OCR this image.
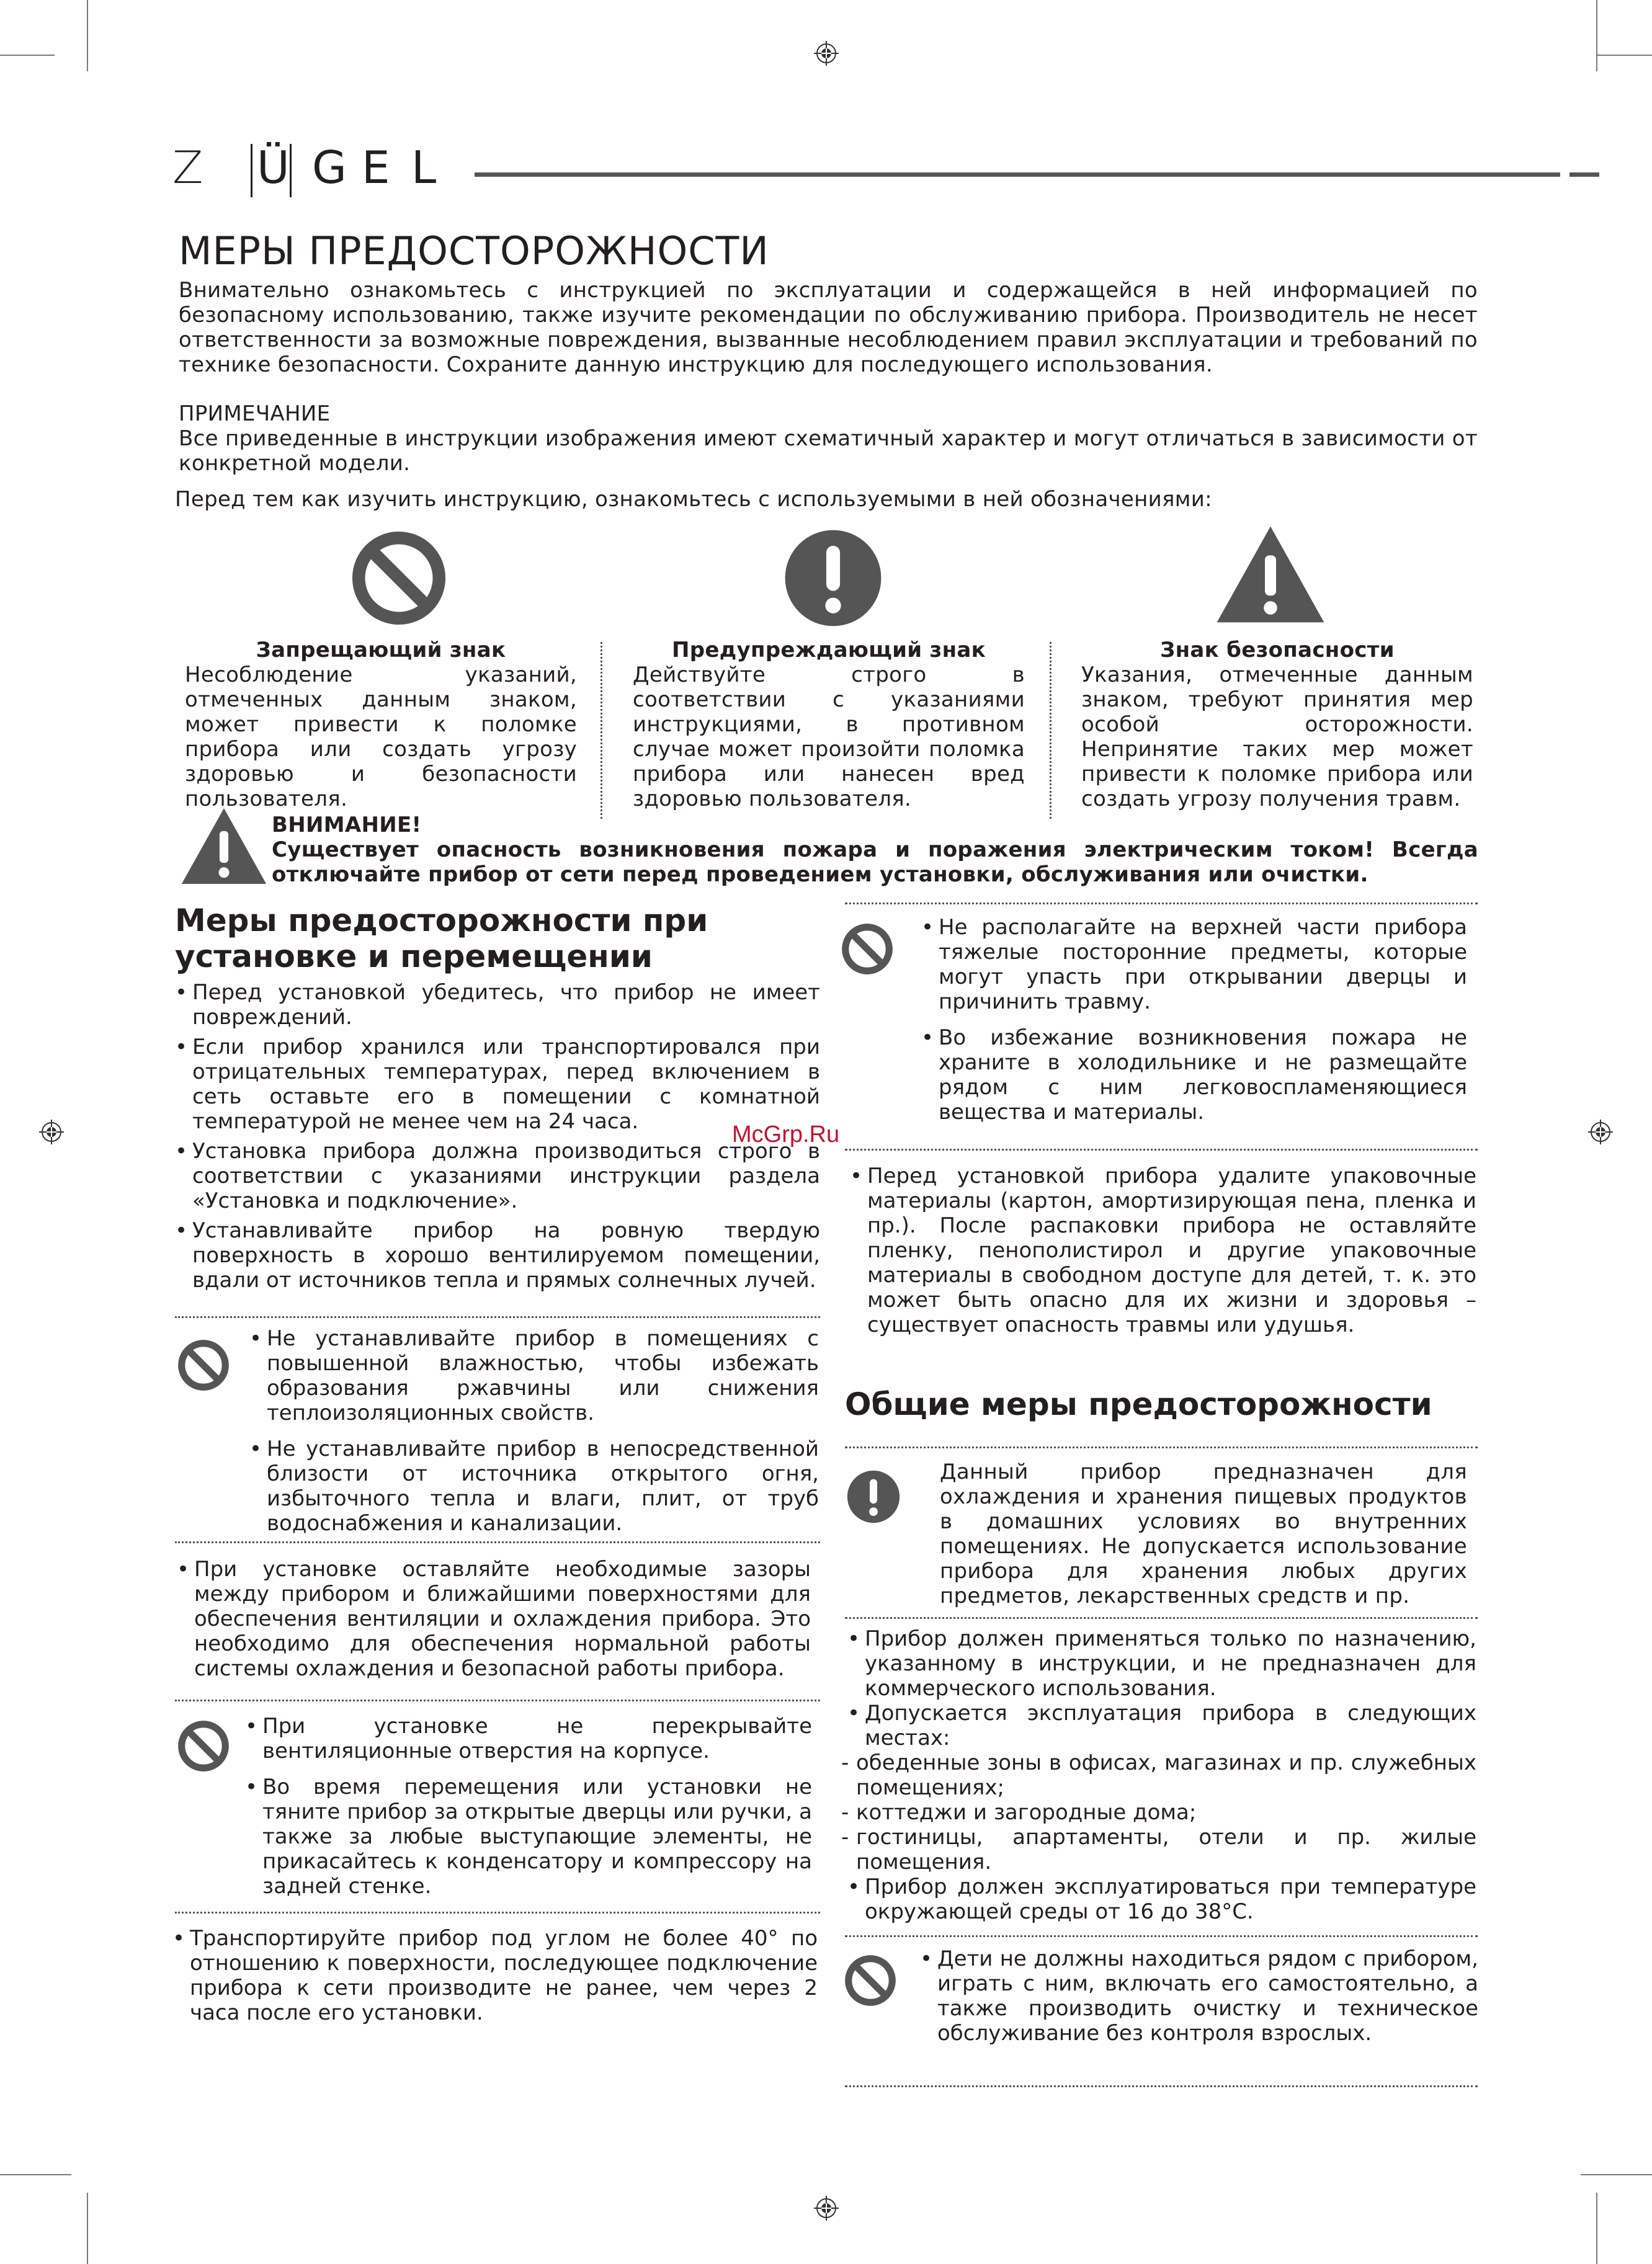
Z Ü G E L
МЕРЫ ПРЕДОСТОРОЖНОСТИ
Внимательно ознакомьтесь с инструкцией по эксплуатации и содержащейся в ней информацией по безопасному использованию, также изучите рекомендации по обслуживанию прибора. Производитель не несет ответственности за возможные повреждения, вызванные несоблюдением правил эксплуатации и требований по технике безопасности. Сохраните данную инструкцию для последующего использования.
ПРИМЕЧАНИЕ
Все приведенные в инструкции изображения имеют схематичный характер и могут отличаться в зависимости от конкретной модели.
Перед тем как изучить инструкцию, ознакомьтесь с используемыми в ней обозначениями:
Запрещающий знак
Несоблюдение указаний, отмеченных данным знаком, может привести к поломке прибора или создать угрозу здоровью и безопасности пользователя.
Предупреждающий знак
Действуйте строго в соответствии с указаниями инструкциями, в противном случае может произойти поломка прибора или нанесен вред здоровью пользователя.
Знак безопасности
Указания, отмеченные данным знаком, требуют принятия мер особой осторожности. Непринятие таких мер может привести к поломке прибора или создать угрозу получения травм.
ВНИМАНИЕ!
Существует опасность возникновения пожара и поражения электрическим током! Всегда отключайте прибор от сети перед проведением установки, обслуживания или очистки.
Меры предосторожности при установке и перемещении
• Перед установкой убедитесь, что прибор не имеет повреждений.
• Если прибор хранился или транспортировался при отрицательных температурах, перед включением в сеть оставьте его в помещении с комнатной температурой не менее чем на 24 часа.
• Установка прибора должна производиться строго в соответствии с указаниями инструкции раздела «Установка и подключение».
• Устанавливайте прибор на ровную твердую поверхность в хорошо вентилируемом помещении, вдали от источников тепла и прямых солнечных лучей.
• Не устанавливайте прибор в помещениях с повышенной влажностью, чтобы избежать образования ржавчины или снижения теплоизоляционных свойств.
• Не устанавливайте прибор в непосредственной близости от источника открытого огня, избыточного тепла и влаги, плит, от труб водоснабжения и канализации.
• При установке оставляйте необходимые зазоры между прибором и ближайшими поверхностями для обеспечения вентиляции и охлаждения прибора. Это необходимо для обеспечения нормальной работы системы охлаждения и безопасной работы прибора.
• При установке не перекрывайте вентиляционные отверстия на корпусе.
• Во время перемещения или установки не тяните прибор за открытые дверцы или ручки, а также за любые выступающие элементы, не прикасайтесь к конденсатору и компрессору на задней стенке.
• Транспортируйте прибор под углом не более 40° по отношению к поверхности, последующее подключение прибора к сети производите не ранее, чем через 2 часа после его установки.
• Не располагайте на верхней части прибора тяжелые посторонние предметы, которые могут упасть при открывании дверцы и причинить травму.
• Во избежание возникновения пожара не храните в холодильнике и не размещайте рядом с ним легковоспламеняющиеся вещества и материалы.
McGrp.Ru
• Перед установкой прибора удалите упаковочные материалы (картон, амортизирующая пена, пленка и пр.). После распаковки прибора не оставляйте пленку, пенополистирол и другие упаковочные материалы в свободном доступе для детей, т. к. это может быть опасно для их жизни и здоровья – существует опасность травмы или удушья.
Общие меры предосторожности
Данный прибор предназначен для охлаждения и хранения пищевых продуктов в домашних условиях во внутренних помещениях. Не допускается использование прибора для хранения любых других предметов, лекарственных средств и пр.
• Прибор должен применяться только по назначению, указанному в инструкции, и не предназначен для коммерческого использования.
• Допускается эксплуатация прибора в следующих местах:
- обеденные зоны в офисах, магазинах и пр. служебных помещениях;
- коттеджи и загородные дома;
- гостиницы, апартаменты, отели и пр. жилые помещения.
• Прибор должен эксплуатироваться при температуре окружающей среды от 16 до 38°C.
• Дети не должны находиться рядом с прибором, играть с ним, включать его самостоятельно, а также производить очистку и техническое обслуживание без контроля взрослых.
